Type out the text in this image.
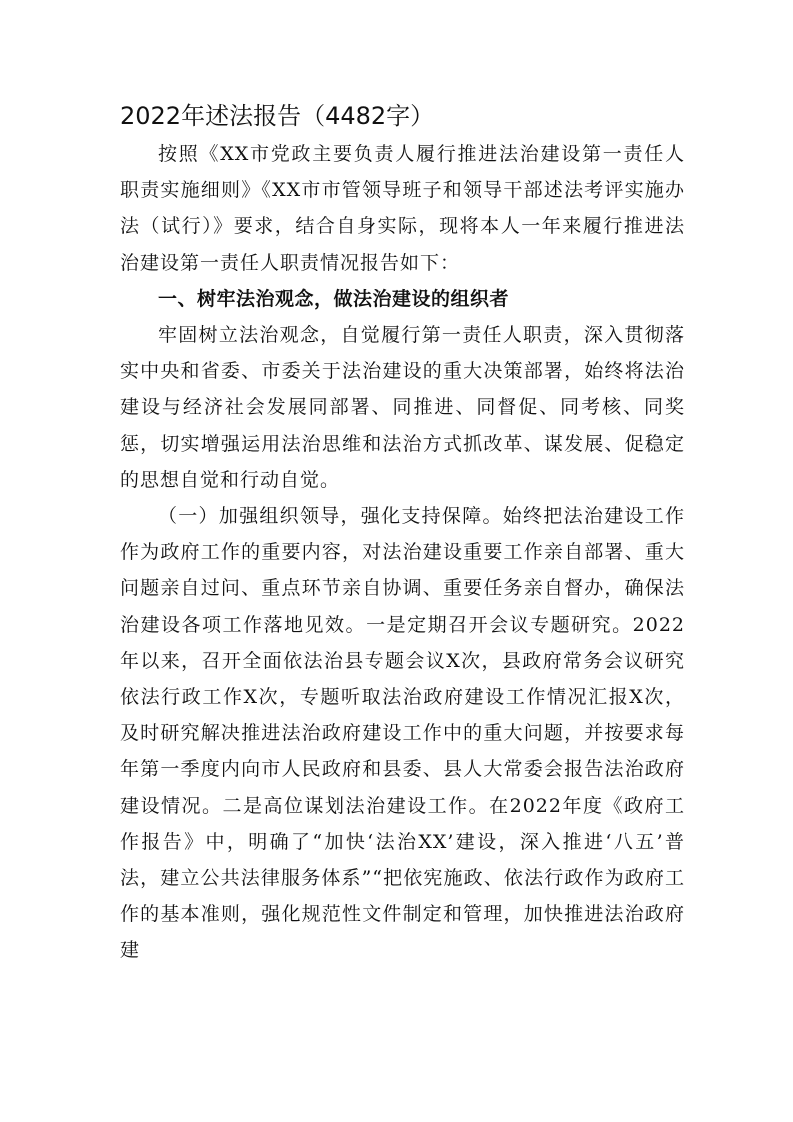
2022年述法报告（4482字）

按照《XX市党政主要负责人履行推进法治建设第一责任人职责实施细则》《XX市市管领导班子和领导干部述法考评实施办法（试行）》要求，结合自身实际，现将本人一年来履行推进法治建设第一责任人职责情况报告如下：

一、树牢法治观念，做法治建设的组织者

牢固树立法治观念，自觉履行第一责任人职责，深入贯彻落实中央和省委、市委关于法治建设的重大决策部署，始终将法治建设与经济社会发展同部署、同推进、同督促、同考核、同奖惩，切实增强运用法治思维和法治方式抓改革、谋发展、促稳定的思想自觉和行动自觉。

（一）加强组织领导，强化支持保障。始终把法治建设工作作为政府工作的重要内容，对法治建设重要工作亲自部署、重大问题亲自过问、重点环节亲自协调、重要任务亲自督办，确保法治建设各项工作落地见效。一是定期召开会议专题研究。2022年以来，召开全面依法治县专题会议X次，县政府常务会议研究依法行政工作X次，专题听取法治政府建设工作情况汇报X次，及时研究解决推进法治政府建设工作中的重大问题，并按要求每年第一季度内向市人民政府和县委、县人大常委会报告法治政府建设情况。二是高位谋划法治建设工作。在2022年度《政府工作报告》中，明确了“加快‘法治XX’建设，深入推进‘八五’普法，建立公共法律服务体系”“把依宪施政、依法行政作为政府工作的基本准则，强化规范性文件制定和管理，加快推进法治政府建
